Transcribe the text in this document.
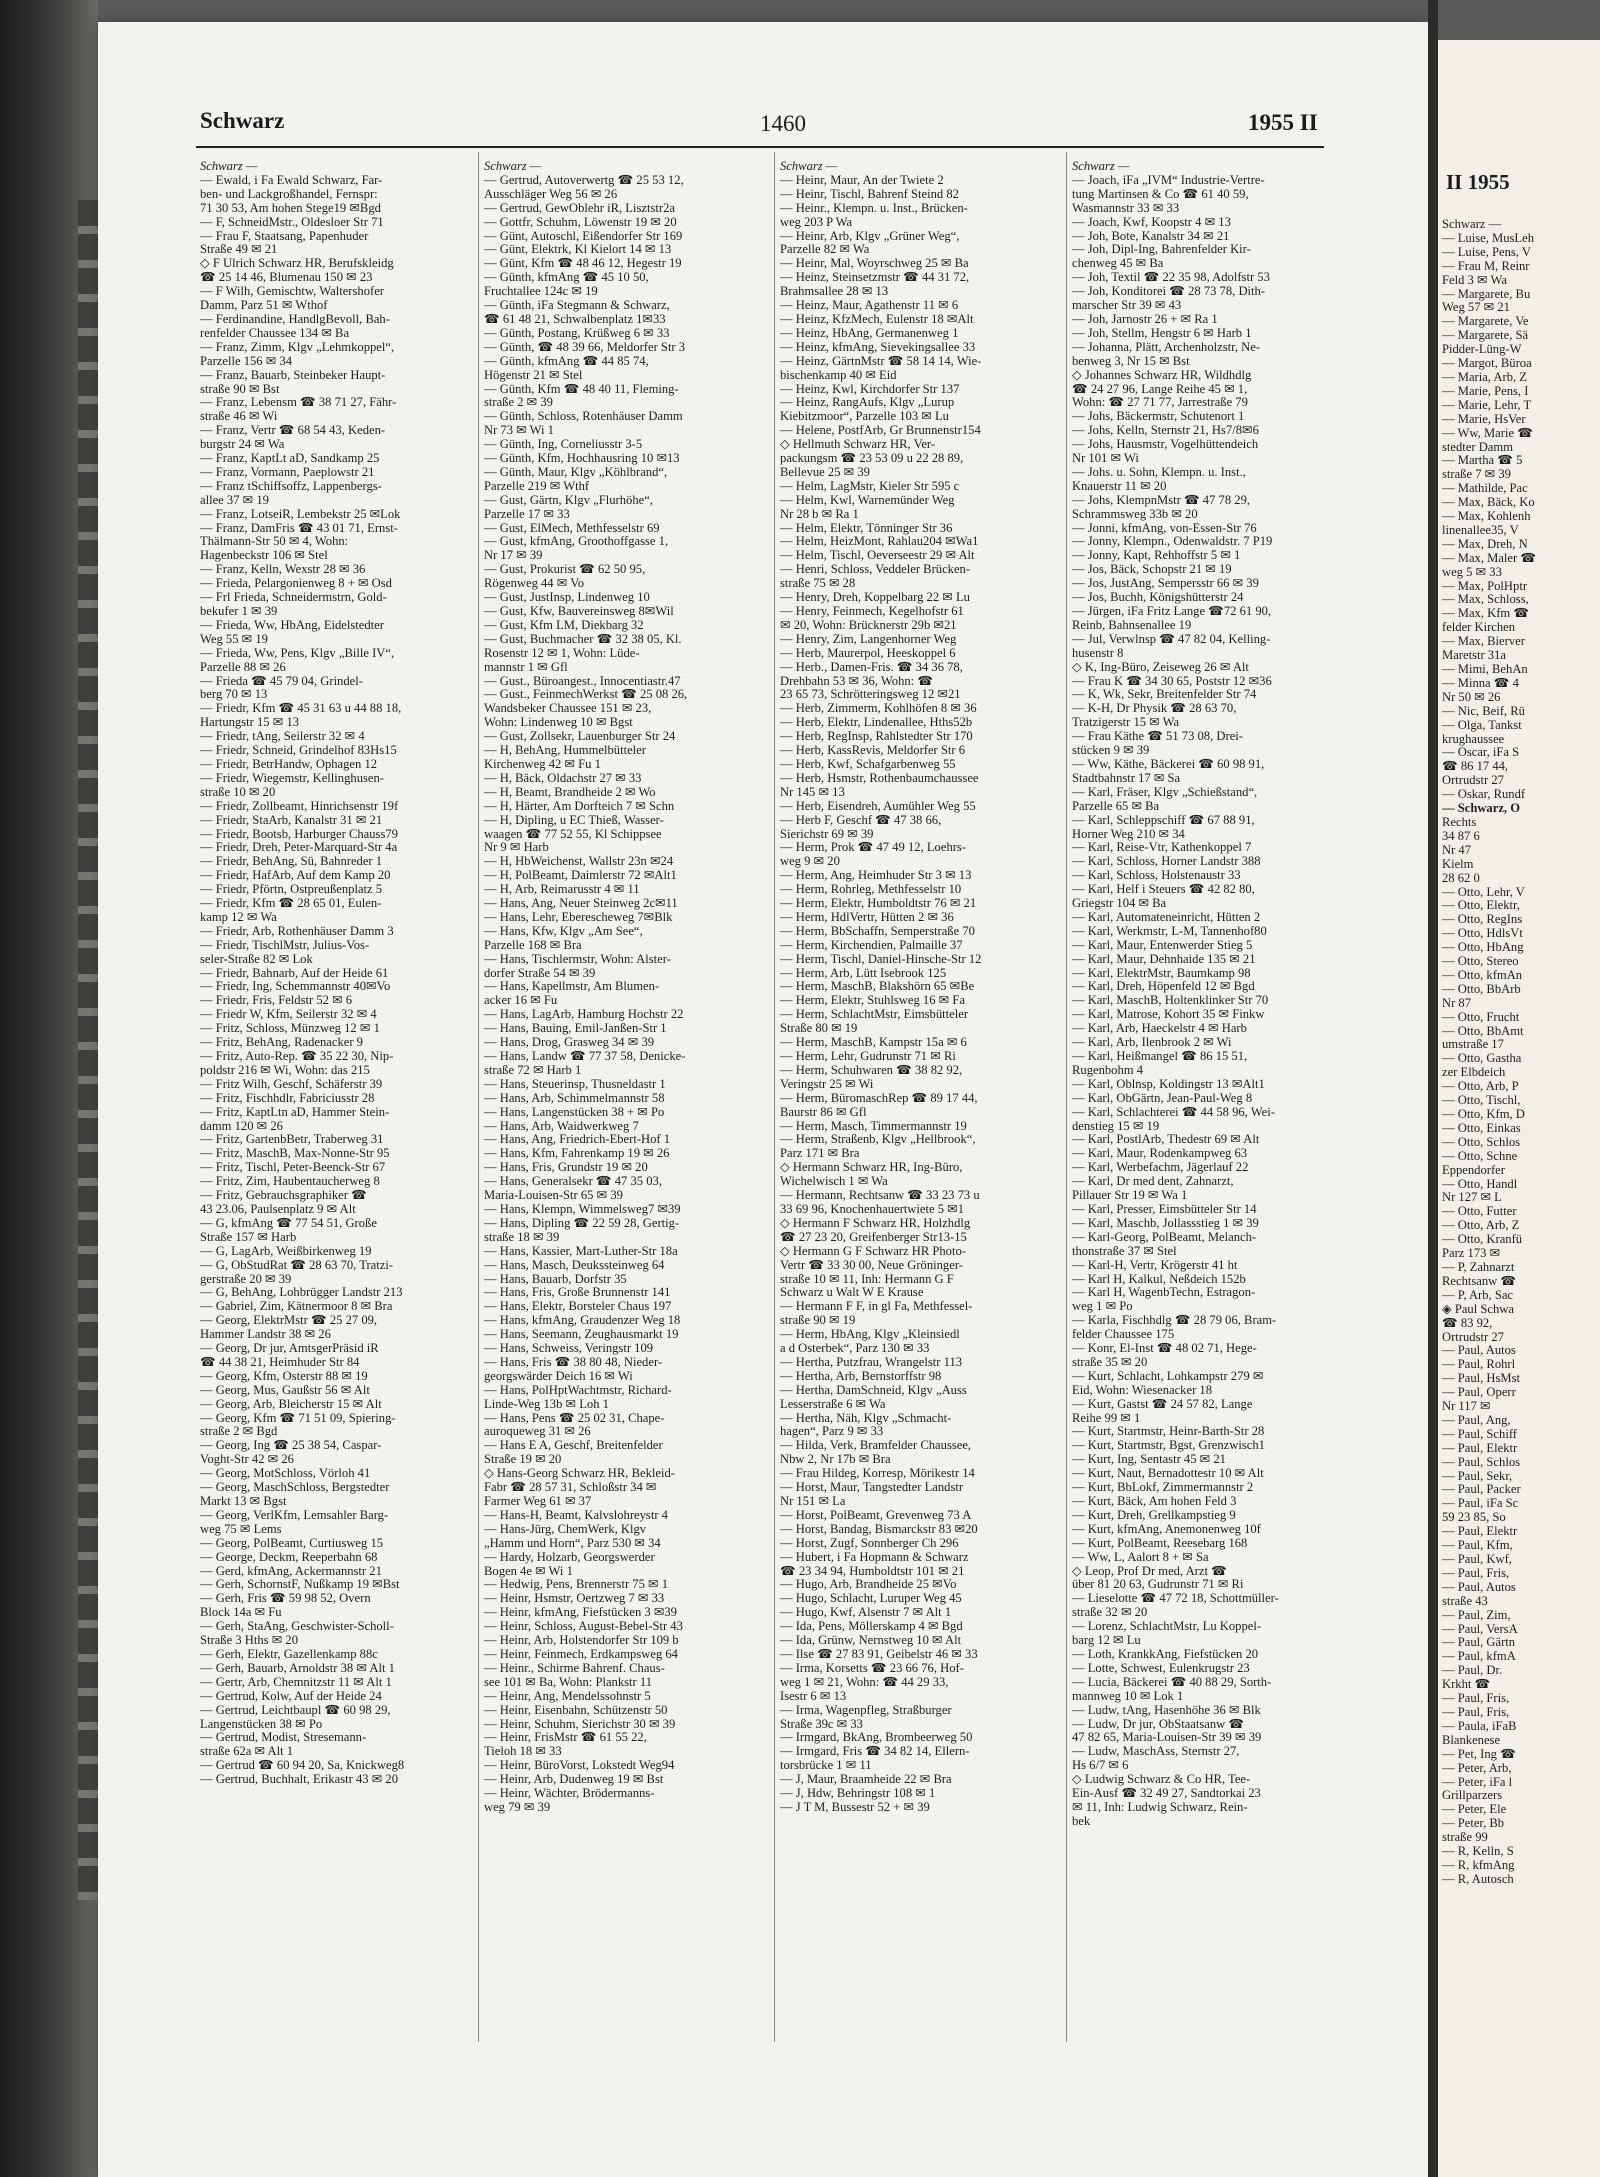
II 1955
Schwarz —
— Luise, MusLeh
— Luise, Pens, V
— Frau M, Reinr
Feld 3 ✉ Wa
— Margarete, Bu
Weg 57 ✉ 21
— Margarete, Ve
— Margarete, Sä
Pidder-Lüng-W
— Margot, Büroa
— Maria, Arb, Z
— Marie, Pens, I
— Marie, Lehr, T
— Marie, HsVer
— Ww, Marie ☎
stedter Damm
— Martha ☎ 5
straße 7 ✉ 39
— Mathilde, Pac
— Max, Bäck, Ko
— Max, Kohlenh
linenallee35, V
— Max, Dreh, N
— Max, Maler ☎
weg 5 ✉ 33
— Max, PolHptr
— Max, Schloss,
— Max, Kfm ☎
felder Kirchen
— Max, Bierver
Maretstr 31a
— Mimi, BehAn
— Minna ☎ 4
Nr 50 ✉ 26
— Nic, Beif, Rü
— Olga, Tankst
krughaussee
— Oscar, iFa S
☎ 86 17 44,
Ortrudstr 27
— Oskar, Rundf
— Schwarz, O
Rechts
34 87 6
Nr 47
Kielm
28 62 0
— Otto, Lehr, V
— Otto, Elektr,
— Otto, RegIns
— Otto, HdlsVt
— Otto, HbAng
— Otto, Stereo
— Otto, kfmAn
— Otto, BbArb
Nr 87
— Otto, Frucht
— Otto, BbAmt
umstraße 17
— Otto, Gastha
zer Elbdeich
— Otto, Arb, P
— Otto, Tischl,
— Otto, Kfm, D
— Otto, Einkas
— Otto, Schlos
— Otto, Schne
Eppendorfer
— Otto, Handl
Nr 127 ✉ L
— Otto, Futter
— Otto, Arb, Z
— Otto, Kranfü
Parz 173 ✉
— P, Zahnarzt
Rechtsanw ☎
— P, Arb, Sac
◈ Paul Schwa
☎ 83 92,
Ortrudstr 27
— Paul, Autos
— Paul, Rohrl
— Paul, HsMst
— Paul, Operr
Nr 117 ✉
— Paul, Ang,
— Paul, Schiff
— Paul, Elektr
— Paul, Schlos
— Paul, Sekr,
— Paul, Packer
— Paul, iFa Sc
59 23 85, So
— Paul, Elektr
— Paul, Kfm,
— Paul, Kwf,
— Paul, Fris,
— Paul, Autos
straße 43
— Paul, Zim,
— Paul, VersA
— Paul, Gärtn
— Paul, kfmA
— Paul, Dr.
Krkht ☎
— Paul, Fris,
— Paul, Fris,
— Paula, iFaB
Blankenese
— Pet, Ing ☎
— Peter, Arb,
— Peter, iFa l
Grillparzers
— Peter, Ele
— Peter, Bb
straße 99
— R, Kelln, S
— R, kfmAng
— R, Autosch
Schwarz	1460	1955 II
Schwarz —
— Ewald, i Fa Ewald Schwarz, Far-
ben- und Lackgroßhandel, Fernspr:
71 30 53, Am hohen Stege19 ✉Bgd
— F, SchneidMstr., Oldesloer Str 71
— Frau F, Staatsang, Papenhuder
Straße 49 ✉ 21
◇ F Ulrich Schwarz HR, Berufskleidg
☎ 25 14 46, Blumenau 150 ✉ 23
— F Wilh, Gemischtw, Waltershofer
Damm, Parz 51 ✉ Wthof
— Ferdinandine, HandlgBevoll, Bah-
renfelder Chaussee 134 ✉ Ba
— Franz, Zimm, Klgv „Lehmkoppel“,
Parzelle 156 ✉ 34
— Franz, Bauarb, Steinbeker Haupt-
straße 90 ✉ Bst
— Franz, Lebensm ☎ 38 71 27, Fähr-
straße 46 ✉ Wi
— Franz, Vertr ☎ 68 54 43, Keden-
burgstr 24 ✉ Wa
— Franz, KaptLt aD, Sandkamp 25
— Franz, Vormann, Paeplowstr 21
— Franz tSchiffsoffz, Lappenbergs-
allee 37 ✉ 19
— Franz, LotseiR, Lembekstr 25 ✉Lok
— Franz, DamFris ☎ 43 01 71, Ernst-
Thälmann-Str 50 ✉ 4, Wohn:
Hagenbeckstr 106 ✉ Stel
— Franz, Kelln, Wexstr 28 ✉ 36
— Frieda, Pelargonienweg 8 + ✉ Osd
— Frl Frieda, Schneidermstrn, Gold-
bekufer 1 ✉ 39
— Frieda, Ww, HbAng, Eidelstedter
Weg 55 ✉ 19
— Frieda, Ww, Pens, Klgv „Bille IV“,
Parzelle 88 ✉ 26
— Frieda ☎ 45 79 04, Grindel-
berg 70 ✉ 13
— Friedr, Kfm ☎ 45 31 63 u 44 88 18,
Hartungstr 15 ✉ 13
— Friedr, tAng, Seilerstr 32 ✉ 4
— Friedr, Schneid, Grindelhof 83Hs15
— Friedr, BetrHandw, Ophagen 12
— Friedr, Wiegemstr, Kellinghusen-
straße 10 ✉ 20
— Friedr, Zollbeamt, Hinrichsenstr 19f
— Friedr, StaArb, Kanalstr 31 ✉ 21
— Friedr, Bootsb, Harburger Chauss79
— Friedr, Dreh, Peter-Marquard-Str 4a
— Friedr, BehAng, Sü, Bahnreder 1
— Friedr, HafArb, Auf dem Kamp 20
— Friedr, Pförtn, Ostpreußenplatz 5
— Friedr, Kfm ☎ 28 65 01, Eulen-
kamp 12 ✉ Wa
— Friedr, Arb, Rothenhäuser Damm 3
— Friedr, TischlMstr, Julius-Vos-
seler-Straße 82 ✉ Lok
— Friedr, Bahnarb, Auf der Heide 61
— Friedr, Ing, Schemmannstr 40✉Vo
— Friedr, Fris, Feldstr 52 ✉ 6
— Friedr W, Kfm, Seilerstr 32 ✉ 4
— Fritz, Schloss, Münzweg 12 ✉ 1
— Fritz, BehAng, Radenacker 9
— Fritz, Auto-Rep. ☎ 35 22 30, Nip-
poldstr 216 ✉ Wi, Wohn: das 215
— Fritz Wilh, Geschf, Schäferstr 39
— Fritz, Fischhdlr, Fabriciusstr 28
— Fritz, KaptLtn aD, Hammer Stein-
damm 120 ✉ 26
— Fritz, GartenbBetr, Traberweg 31
— Fritz, MaschB, Max-Nonne-Str 95
— Fritz, Tischl, Peter-Beenck-Str 67
— Fritz, Zim, Haubentaucherweg 8
— Fritz, Gebrauchsgraphiker ☎
43 23.06, Paulsenplatz 9 ✉ Alt
— G, kfmAng ☎ 77 54 51, Große
Straße 157 ✉ Harb
— G, LagArb, Weißbirkenweg 19
— G, ObStudRat ☎ 28 63 70, Tratzi-
gerstraße 20 ✉ 39
— G, BehAng, Lohbrügger Landstr 213
— Gabriel, Zim, Kätnermoor 8 ✉ Bra
— Georg, ElektrMstr ☎ 25 27 09,
Hammer Landstr 38 ✉ 26
— Georg, Dr jur, AmtsgerPräsid iR
☎ 44 38 21, Heimhuder Str 84
— Georg, Kfm, Osterstr 88 ✉ 19
— Georg, Mus, Gaußstr 56 ✉ Alt
— Georg, Arb, Bleicherstr 15 ✉ Alt
— Georg, Kfm ☎ 71 51 09, Spiering-
straße 2 ✉ Bgd
— Georg, Ing ☎ 25 38 54, Caspar-
Voght-Str 42 ✉ 26
— Georg, MotSchloss, Vörloh 41
— Georg, MaschSchloss, Bergstedter
Markt 13 ✉ Bgst
— Georg, VerlKfm, Lemsahler Barg-
weg 75 ✉ Lems
— Georg, PolBeamt, Curtiusweg 15
— George, Deckm, Reeperbahn 68
— Gerd, kfmAng, Ackermannstr 21
— Gerh, SchornstF, Nußkamp 19 ✉Bst
— Gerh, Fris ☎ 59 98 52, Overn
Block 14a ✉ Fu
— Gerh, StaAng, Geschwister-Scholl-
Straße 3 Hths ✉ 20
— Gerh, Elektr, Gazellenkamp 88c
— Gerh, Bauarb, Arnoldstr 38 ✉ Alt 1
— Gertr, Arb, Chemnitzstr 11 ✉ Alt 1
— Gertrud, Kolw, Auf der Heide 24
— Gertrud, Leichtbaupl ☎ 60 98 29,
Langenstücken 38 ✉ Po
— Gertrud, Modist, Stresemann-
straße 62a ✉ Alt 1
— Gertrud ☎ 60 94 20, Sa, Knickweg8
— Gertrud, Buchhalt, Erikastr 43 ✉ 20
Schwarz —
— Gertrud, Autoverwertg ☎ 25 53 12,
Ausschläger Weg 56 ✉ 26
— Gertrud, GewOblehr iR, Lisztstr2a
— Gottfr, Schuhm, Löwenstr 19 ✉ 20
— Günt, Autoschl, Eißendorfer Str 169
— Günt, Elektrk, Kl Kielort 14 ✉ 13
— Günt, Kfm ☎ 48 46 12, Hegestr 19
— Günth, kfmAng ☎ 45 10 50,
Fruchtallee 124c ✉ 19
— Günth, iFa Stegmann & Schwarz,
☎ 61 48 21, Schwalbenplatz 1✉33
— Günth, Postang, Krüßweg 6 ✉ 33
— Günth, ☎ 48 39 66, Meldorfer Str 3
— Günth, kfmAng ☎ 44 85 74,
Högenstr 21 ✉ Stel
— Günth, Kfm ☎ 48 40 11, Fleming-
straße 2 ✉ 39
— Günth, Schloss, Rotenhäuser Damm
Nr 73 ✉ Wi 1
— Günth, Ing, Corneliusstr 3-5
— Günth, Kfm, Hochhausring 10 ✉13
— Günth, Maur, Klgv „Köhlbrand“,
Parzelle 219 ✉ Wthf
— Gust, Gärtn, Klgv „Flurhöhe“,
Parzelle 17 ✉ 33
— Gust, ElMech, Methfesselstr 69
— Gust, kfmAng, Groothoffgasse 1,
Nr 17 ✉ 39
— Gust, Prokurist ☎ 62 50 95,
Rögenweg 44 ✉ Vo
— Gust, JustInsp, Lindenweg 10
— Gust, Kfw, Bauvereinsweg 8✉Wil
— Gust, Kfm LM, Diekbarg 32
— Gust, Buchmacher ☎ 32 38 05, Kl.
Rosenstr 12 ✉ 1, Wohn: Lüde-
mannstr 1 ✉ Gfl
— Gust., Büroangest., Innocentiastr.47
— Gust., FeinmechWerkst ☎ 25 08 26,
Wandsbeker Chaussee 151 ✉ 23,
Wohn: Lindenweg 10 ✉ Bgst
— Gust, Zollsekr, Lauenburger Str 24
— H, BehAng, Hummelbütteler
Kirchenweg 42 ✉ Fu 1
— H, Bäck, Oldachstr 27 ✉ 33
— H, Beamt, Brandheide 2 ✉ Wo
— H, Härter, Am Dorfteich 7 ✉ Schn
— H, Dipling, u EC Thieß, Wasser-
waagen ☎ 77 52 55, Kl Schippsee
Nr 9 ✉ Harb
— H, HbWeichenst, Wallstr 23n ✉24
— H, PolBeamt, Daimlerstr 72 ✉Alt1
— H, Arb, Reimarusstr 4 ✉ 11
— Hans, Ang, Neuer Steinweg 2c✉11
— Hans, Lehr, Eberescheweg 7✉Blk
— Hans, Kfw, Klgv „Am See“,
Parzelle 168 ✉ Bra
— Hans, Tischlermstr, Wohn: Alster-
dorfer Straße 54 ✉ 39
— Hans, Kapellmstr, Am Blumen-
acker 16 ✉ Fu
— Hans, LagArb, Hamburg Hochstr 22
— Hans, Bauing, Emil-Janßen-Str 1
— Hans, Drog, Grasweg 34 ✉ 39
— Hans, Landw ☎ 77 37 58, Denicke-
straße 72 ✉ Harb 1
— Hans, Steuerinsp, Thusneldastr 1
— Hans, Arb, Schimmelmannstr 58
— Hans, Langenstücken 38 + ✉ Po
— Hans, Arb, Waidwerkweg 7
— Hans, Ang, Friedrich-Ebert-Hof 1
— Hans, Kfm, Fahrenkamp 19 ✉ 26
— Hans, Fris, Grundstr 19 ✉ 20
— Hans, Generalsekr ☎ 47 35 03,
Maria-Louisen-Str 65 ✉ 39
— Hans, Klempn, Wimmelsweg7 ✉39
— Hans, Dipling ☎ 22 59 28, Gertig-
straße 18 ✉ 39
— Hans, Kassier, Mart-Luther-Str 18a
— Hans, Masch, Deukssteinweg 64
— Hans, Bauarb, Dorfstr 35
— Hans, Fris, Große Brunnenstr 141
— Hans, Elektr, Borsteler Chaus 197
— Hans, kfmAng, Graudenzer Weg 18
— Hans, Seemann, Zeughausmarkt 19
— Hans, Schweiss, Veringstr 109
— Hans, Fris ☎ 38 80 48, Nieder-
georgswärder Deich 16 ✉ Wi
— Hans, PolHptWachtmstr, Richard-
Linde-Weg 13b ✉ Loh 1
— Hans, Pens ☎ 25 02 31, Chape-
auroqueweg 31 ✉ 26
— Hans E A, Geschf, Breitenfelder
Straße 19 ✉ 20
◇ Hans-Georg Schwarz HR, Bekleid-
Fabr ☎ 28 57 31, Schloßstr 34 ✉
Farmer Weg 61 ✉ 37
— Hans-H, Beamt, Kalvslohreystr 4
— Hans-Jürg, ChemWerk, Klgv
„Hamm und Horn“, Parz 530 ✉ 34
— Hardy, Holzarb, Georgswerder
Bogen 4e ✉ Wi 1
— Hedwig, Pens, Brennerstr 75 ✉ 1
— Heinr, Hsmstr, Oertzweg 7 ✉ 33
— Heinr, kfmAng, Fiefstücken 3 ✉39
— Heinr, Schloss, August-Bebel-Str 43
— Heinr, Arb, Holstendorfer Str 109 b
— Heinr, Feinmech, Erdkampsweg 64
— Heinr., Schirme Bahrenf. Chaus-
see 101 ✉ Ba, Wohn: Plankstr 11
— Heinr, Ang, Mendelssohnstr 5
— Heinr, Eisenbahn, Schützenstr 50
— Heinr, Schuhm, Sierichstr 30 ✉ 39
— Heinr, FrisMstr ☎ 61 55 22,
Tieloh 18 ✉ 33
— Heinr, BüroVorst, Lokstedt Weg94
— Heinr, Arb, Dudenweg 19 ✉ Bst
— Heinr, Wächter, Brödermanns-
weg 79 ✉ 39
Schwarz —
— Heinr, Maur, An der Twiete 2
— Heinr, Tischl, Bahrenf Steind 82
— Heinr., Klempn. u. Inst., Brücken-
weg 203 P Wa
— Heinr, Arb, Klgv „Grüner Weg“,
Parzelle 82 ✉ Wa
— Heinr, Mal, Woyrschweg 25 ✉ Ba
— Heinz, Steinsetzmstr ☎ 44 31 72,
Brahmsallee 28 ✉ 13
— Heinz, Maur, Agathenstr 11 ✉ 6
— Heinz, KfzMech, Eulenstr 18 ✉Alt
— Heinz, HbAng, Germanenweg 1
— Heinz, kfmAng, Sievekingsallee 33
— Heinz, GärtnMstr ☎ 58 14 14, Wie-
bischenkamp 40 ✉ Eid
— Heinz, Kwl, Kirchdorfer Str 137
— Heinz, RangAufs, Klgv „Lurup
Kiebitzmoor“, Parzelle 103 ✉ Lu
— Helene, PostfArb, Gr Brunnenstr154
◇ Hellmuth Schwarz HR, Ver-
packungsm ☎ 23 53 09 u 22 28 89,
Bellevue 25 ✉ 39
— Helm, LagMstr, Kieler Str 595 c
— Helm, Kwl, Warnemünder Weg
Nr 28 b ✉ Ra 1
— Helm, Elektr, Tönninger Str 36
— Helm, HeizMont, Rahlau204 ✉Wa1
— Helm, Tischl, Oeverseestr 29 ✉ Alt
— Henri, Schloss, Veddeler Brücken-
straße 75 ✉ 28
— Henry, Dreh, Koppelbarg 22 ✉ Lu
— Henry, Feinmech, Kegelhofstr 61
✉ 20, Wohn: Brücknerstr 29b ✉21
— Henry, Zim, Langenhorner Weg
— Herb, Maurerpol, Heeskoppel 6
— Herb., Damen-Fris. ☎ 34 36 78,
Drehbahn 53 ✉ 36, Wohn: ☎
23 65 73, Schrötteringsweg 12 ✉21
— Herb, Zimmerm, Kohlhöfen 8 ✉ 36
— Herb, Elektr, Lindenallee, Hths52b
— Herb, RegInsp, Rahlstedter Str 170
— Herb, KassRevis, Meldorfer Str 6
— Herb, Kwf, Schafgarbenweg 55
— Herb, Hsmstr, Rothenbaumchaussee
Nr 145 ✉ 13
— Herb, Eisendreh, Aumühler Weg 55
— Herb F, Geschf ☎ 47 38 66,
Sierichstr 69 ✉ 39
— Herm, Prok ☎ 47 49 12, Loehrs-
weg 9 ✉ 20
— Herm, Ang, Heimhuder Str 3 ✉ 13
— Herm, Rohrleg, Methfesselstr 10
— Herm, Elektr, Humboldtstr 76 ✉ 21
— Herm, HdlVertr, Hütten 2 ✉ 36
— Herm, BbSchaffn, Semperstraße 70
— Herm, Kirchendien, Palmaille 37
— Herm, Tischl, Daniel-Hinsche-Str 12
— Herm, Arb, Lütt Isebrook 125
— Herm, MaschB, Blakshörn 65 ✉Be
— Herm, Elektr, Stuhlsweg 16 ✉ Fa
— Herm, SchlachtMstr, Eimsbütteler
Straße 80 ✉ 19
— Herm, MaschB, Kampstr 15a ✉ 6
— Herm, Lehr, Gudrunstr 71 ✉ Ri
— Herm, Schuhwaren ☎ 38 82 92,
Veringstr 25 ✉ Wi
— Herm, BüromaschRep ☎ 89 17 44,
Baurstr 86 ✉ Gfl
— Herm, Masch, Timmermannstr 19
— Herm, Straßenb, Klgv „Hellbrook“,
Parz 171 ✉ Bra
◇ Hermann Schwarz HR, Ing-Büro,
Wichelwisch 1 ✉ Wa
— Hermann, Rechtsanw ☎ 33 23 73 u
33 69 96, Knochenhauertwiete 5 ✉1
◇ Hermann F Schwarz HR, Holzhdlg
☎ 27 23 20, Greifenberger Str13-15
◇ Hermann G F Schwarz HR Photo-
Vertr ☎ 33 30 00, Neue Gröninger-
straße 10 ✉ 11, Inh: Hermann G F
Schwarz u Walt W E Krause
— Hermann F F, in gl Fa, Methfessel-
straße 90 ✉ 19
— Herm, HbAng, Klgv „Kleinsiedl
a d Osterbek“, Parz 130 ✉ 33
— Hertha, Putzfrau, Wrangelstr 113
— Hertha, Arb, Bernstorffstr 98
— Hertha, DamSchneid, Klgv „Auss
Lesserstraße 6 ✉ Wa
— Hertha, Näh, Klgv „Schmacht-
hagen“, Parz 9 ✉ 33
— Hilda, Verk, Bramfelder Chaussee,
Nbw 2, Nr 17b ✉ Bra
— Frau Hildeg, Korresp, Mörikestr 14
— Horst, Maur, Tangstedter Landstr
Nr 151 ✉ La
— Horst, PolBeamt, Grevenweg 73 A
— Horst, Bandag, Bismarckstr 83 ✉20
— Horst, Zugf, Sonnberger Ch 296
— Hubert, i Fa Hopmann & Schwarz
☎ 23 34 94, Humboldtstr 101 ✉ 21
— Hugo, Arb, Brandheide 25 ✉Vo
— Hugo, Schlacht, Luruper Weg 45
— Hugo, Kwf, Alsenstr 7 ✉ Alt 1
— Ida, Pens, Möllerskamp 4 ✉ Bgd
— Ida, Grünw, Nernstweg 10 ✉ Alt
— Ilse ☎ 27 83 91, Geibelstr 46 ✉ 33
— Irma, Korsetts ☎ 23 66 76, Hof-
weg 1 ✉ 21, Wohn: ☎ 44 29 33,
Isestr 6 ✉ 13
— Irma, Wagenpfleg, Straßburger
Straße 39c ✉ 33
— Irmgard, BkAng, Brombeerweg 50
— Irmgard, Fris ☎ 34 82 14, Ellern-
torsbrücke 1 ✉ 11
— J, Maur, Braamheide 22 ✉ Bra
— J, Hdw, Behringstr 108 ✉ 1
— J T M, Bussestr 52 + ✉ 39
Schwarz —
— Joach, iFa „IVM“ Industrie-Vertre-
tung Martinsen & Co ☎ 61 40 59,
Wasmannstr 33 ✉ 33
— Joach, Kwf, Koopstr 4 ✉ 13
— Joh, Bote, Kanalstr 34 ✉ 21
— Joh, Dipl-Ing, Bahrenfelder Kir-
chenweg 45 ✉ Ba
— Joh, Textil ☎ 22 35 98, Adolfstr 53
— Joh, Konditorei ☎ 28 73 78, Dith-
marscher Str 39 ✉ 43
— Joh, Jarnostr 26 + ✉ Ra 1
— Joh, Stellm, Hengstr 6 ✉ Harb 1
— Johanna, Plätt, Archenholzstr, Ne-
benweg 3, Nr 15 ✉ Bst
◇ Johannes Schwarz HR, Wildhdlg
☎ 24 27 96, Lange Reihe 45 ✉ 1,
Wohn: ☎ 27 71 77, Jarrestraße 79
— Johs, Bäckermstr, Schutenort 1
— Johs, Kelln, Sternstr 21, Hs7/8✉6
— Johs, Hausmstr, Vogelhüttendeich
Nr 101 ✉ Wi
— Johs. u. Sohn, Klempn. u. Inst.,
Knauerstr 11 ✉ 20
— Johs, KlempnMstr ☎ 47 78 29,
Schrammsweg 33b ✉ 20
— Jonni, kfmAng, von-Essen-Str 76
— Jonny, Klempn., Odenwaldstr. 7 P19
— Jonny, Kapt, Rehhoffstr 5 ✉ 1
— Jos, Bäck, Schopstr 21 ✉ 19
— Jos, JustAng, Sempersstr 66 ✉ 39
— Jos, Buchh, Königshütterstr 24
— Jürgen, iFa Fritz Lange ☎72 61 90,
Reinb, Bahnsenallee 19
— Jul, Verwlnsp ☎ 47 82 04, Kelling-
husenstr 8
◇ K, Ing-Büro, Zeiseweg 26 ✉ Alt
— Frau K ☎ 34 30 65, Poststr 12 ✉36
— K, Wk, Sekr, Breitenfelder Str 74
— K-H, Dr Physik ☎ 28 63 70,
Tratzigerstr 15 ✉ Wa
— Frau Käthe ☎ 51 73 08, Drei-
stücken 9 ✉ 39
— Ww, Käthe, Bäckerei ☎ 60 98 91,
Stadtbahnstr 17 ✉ Sa
— Karl, Fräser, Klgv „Schießstand“,
Parzelle 65 ✉ Ba
— Karl, Schleppschiff ☎ 67 88 91,
Horner Weg 210 ✉ 34
— Karl, Reise-Vtr, Kathenkoppel 7
— Karl, Schloss, Horner Landstr 388
— Karl, Schloss, Holstenaustr 33
— Karl, Helf i Steuers ☎ 42 82 80,
Griegstr 104 ✉ Ba
— Karl, Automateneinricht, Hütten 2
— Karl, Werkmstr, L-M, Tannenhof80
— Karl, Maur, Entenwerder Stieg 5
— Karl, Maur, Dehnhaide 135 ✉ 21
— Karl, ElektrMstr, Baumkamp 98
— Karl, Dreh, Höpenfeld 12 ✉ Bgd
— Karl, MaschB, Holtenklinker Str 70
— Karl, Matrose, Kohort 35 ✉ Finkw
— Karl, Arb, Haeckelstr 4 ✉ Harb
— Karl, Arb, Ilenbrook 2 ✉ Wi
— Karl, Heißmangel ☎ 86 15 51,
Rugenbohm 4
— Karl, Oblnsp, Koldingstr 13 ✉Alt1
— Karl, ObGärtn, Jean-Paul-Weg 8
— Karl, Schlachterei ☎ 44 58 96, Wei-
denstieg 15 ✉ 19
— Karl, PostlArb, Thedestr 69 ✉ Alt
— Karl, Maur, Rodenkampweg 63
— Karl, Werbefachm, Jägerlauf 22
— Karl, Dr med dent, Zahnarzt,
Pillauer Str 19 ✉ Wa 1
— Karl, Presser, Eimsbütteler Str 14
— Karl, Maschb, Jollassstieg 1 ✉ 39
— Karl-Georg, PolBeamt, Melanch-
thonstraße 37 ✉ Stel
— Karl-H, Vertr, Krögerstr 41 ht
— Karl H, Kalkul, Neßdeich 152b
— Karl H, WagenbTechn, Estragon-
weg 1 ✉ Po
— Karla, Fischhdlg ☎ 28 79 06, Bram-
felder Chaussee 175
— Konr, El-Inst ☎ 48 02 71, Hege-
straße 35 ✉ 20
— Kurt, Schlacht, Lohkampstr 279 ✉
Eid, Wohn: Wiesenacker 18
— Kurt, Gastst ☎ 24 57 82, Lange
Reihe 99 ✉ 1
— Kurt, Startmstr, Heinr-Barth-Str 28
— Kurt, Startmstr, Bgst, Grenzwisch1
— Kurt, Ing, Sentastr 45 ✉ 21
— Kurt, Naut, Bernadottestr 10 ✉ Alt
— Kurt, BbLokf, Zimmermannstr 2
— Kurt, Bäck, Am hohen Feld 3
— Kurt, Dreh, Grellkampstieg 9
— Kurt, kfmAng, Anemonenweg 10f
— Kurt, PolBeamt, Reesebarg 168
— Ww, L, Aalort 8 + ✉ Sa
◇ Leop, Prof Dr med, Arzt ☎
über 81 20 63, Gudrunstr 71 ✉ Ri
— Lieselotte ☎ 47 72 18, Schottmüller-
straße 32 ✉ 20
— Lorenz, SchlachtMstr, Lu Koppel-
barg 12 ✉ Lu
— Loth, KrankkAng, Fiefstücken 20
— Lotte, Schwest, Eulenkrugstr 23
— Lucia, Bäckerei ☎ 40 88 29, Sorth-
mannweg 10 ✉ Lok 1
— Ludw, tAng, Hasenhöhe 36 ✉ Blk
— Ludw, Dr jur, ObStaatsanw ☎
47 82 65, Maria-Louisen-Str 39 ✉ 39
— Ludw, MaschAss, Sternstr 27,
Hs 6/7 ✉ 6
◇ Ludwig Schwarz & Co HR, Tee-
Ein-Ausf ☎ 32 49 27, Sandtorkai 23
✉ 11, Inh: Ludwig Schwarz, Rein-
bek
